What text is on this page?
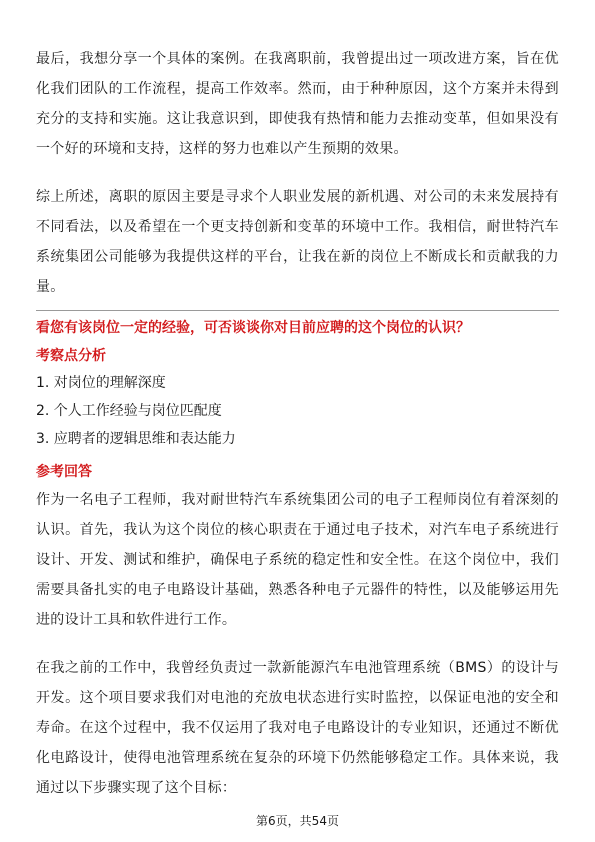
最后，我想分享一个具体的案例。在我离职前，我曾提出过一项改进方案，旨在优化我们团队的工作流程，提高工作效率。然而，由于种种原因，这个方案并未得到充分的支持和实施。这让我意识到，即使我有热情和能力去推动变革，但如果没有一个好的环境和支持，这样的努力也难以产生预期的效果。

综上所述，离职的原因主要是寻求个人职业发展的新机遇、对公司的未来发展持有不同看法，以及希望在一个更支持创新和变革的环境中工作。我相信，耐世特汽车系统集团公司能够为我提供这样的平台，让我在新的岗位上不断成长和贡献我的力量。

看您有该岗位一定的经验，可否谈谈你对目前应聘的这个岗位的认识？

考察点分析

1. 对岗位的理解深度

2. 个人工作经验与岗位匹配度

3. 应聘者的逻辑思维和表达能力

参考回答

作为一名电子工程师，我对耐世特汽车系统集团公司的电子工程师岗位有着深刻的认识。首先，我认为这个岗位的核心职责在于通过电子技术，对汽车电子系统进行设计、开发、测试和维护，确保电子系统的稳定性和安全性。在这个岗位中，我们需要具备扎实的电子电路设计基础，熟悉各种电子元器件的特性，以及能够运用先进的设计工具和软件进行工作。

在我之前的工作中，我曾经负责过一款新能源汽车电池管理系统（BMS）的设计与开发。这个项目要求我们对电池的充放电状态进行实时监控，以保证电池的安全和寿命。在这个过程中，我不仅运用了我对电子电路设计的专业知识，还通过不断优化电路设计，使得电池管理系统在复杂的环境下仍然能够稳定工作。具体来说，我通过以下步骤实现了这个目标：

第6页，共54页
